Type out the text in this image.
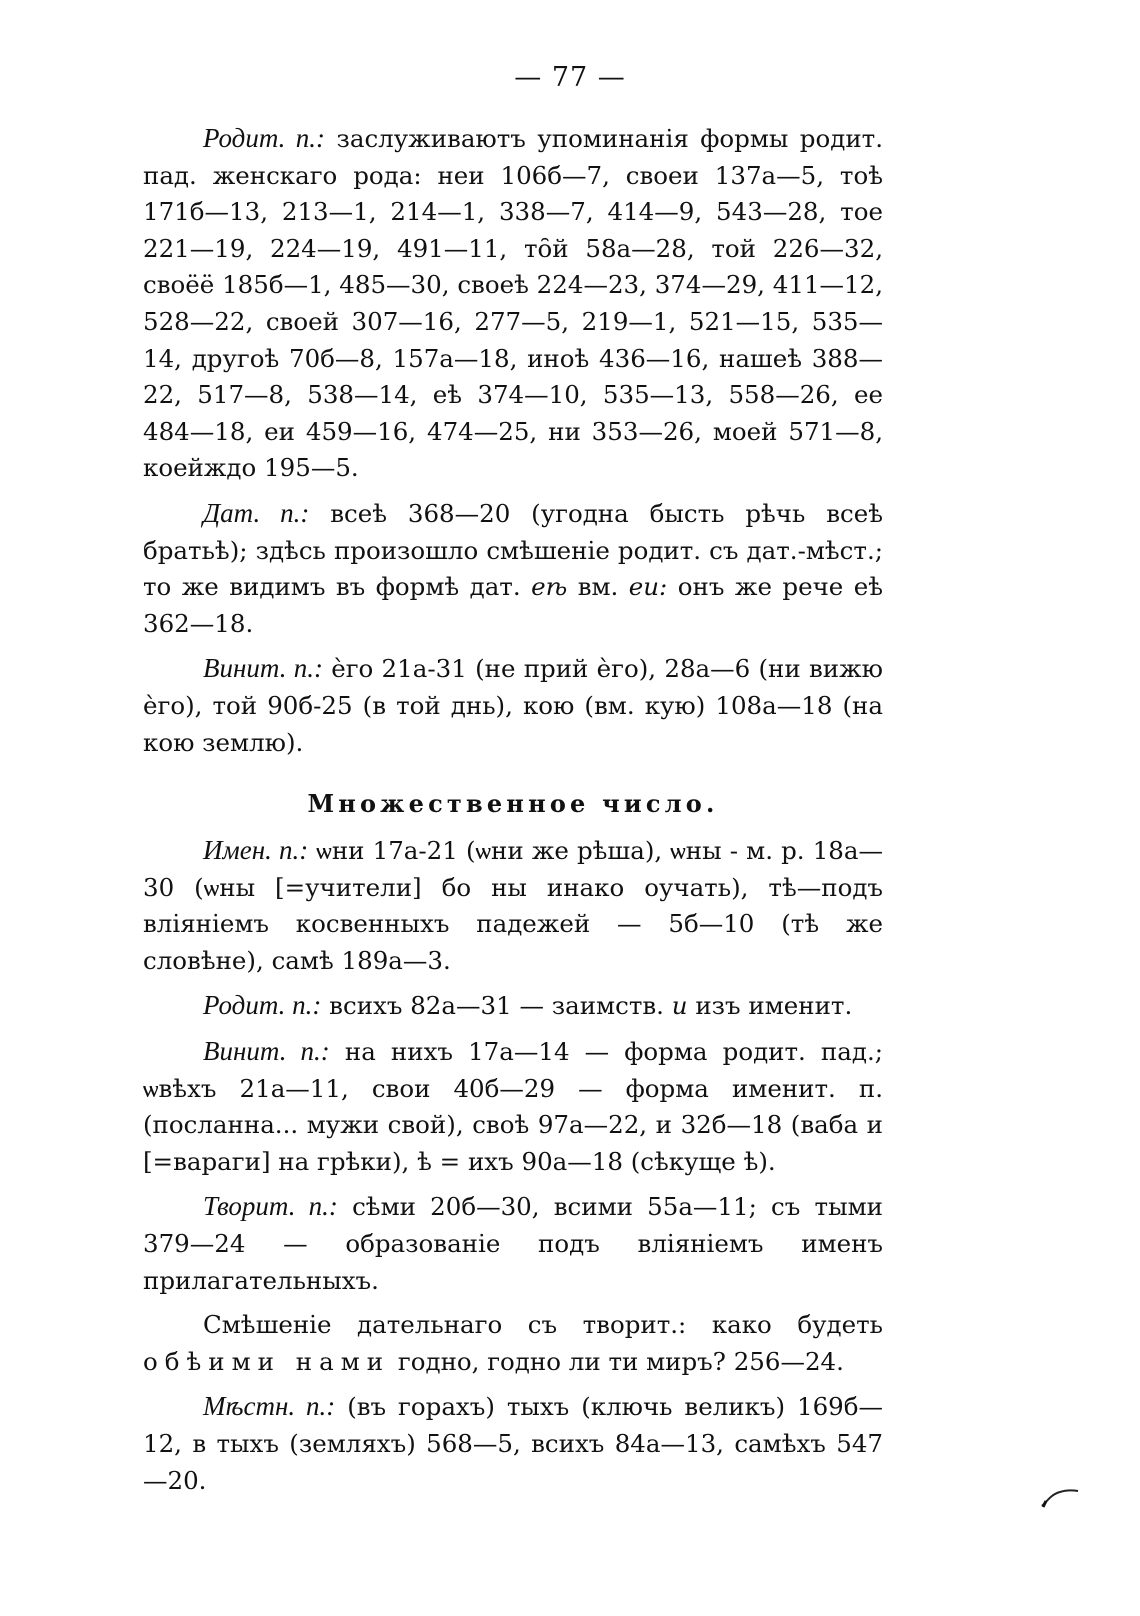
— 77 —

Родит. п.: заслуживаютъ упоминанія формы родит. пад. женскаго рода: неи 106б—7, своеи 137а—5, тоѣ 171б—13, 213—1, 214—1, 338—7, 414—9, 543—28, тое 221—19, 224—19, 491—11, то̑й 58а—28, той 226—32, своёё 185б—1, 485—30, своеѣ 224—23, 374—29, 411—12, 528—22, своей 307—16, 277—5, 219—1, 521—15, 535—14, другоѣ 70б—8, 157а—18, иноѣ 436—16, нашеѣ 388—22, 517—8, 538—14, еѣ 374—10, 535—13, 558—26, ее 484—18, еи 459—16, 474—25, ни 353—26, моей 571—8, коейждо 195—5.

Дат. п.: всеѣ 368—20 (угодна бысть рѣчь всеѣ братьѣ); здѣсь произошло смѣшеніе родит. съ дат.-мѣст.; то же видимъ въ формѣ дат. еѣ вм. еи: онъ же рече еѣ 362—18.

Винит. п.: ѐго 21а-31 (не прий ѐго), 28а—6 (ни вижю ѐго), той 90б-25 (в той днь), кою (вм. кую) 108а—18 (на кою землю).

Множественное число.

Имен. п.: ѡни 17а-21 (ѡни же рѣша), ѡны - м. р. 18а—30 (ѡны [=учители] бо ны инако оучать), тѣ—подъ вліяніемъ косвенныхъ падежей — 5б—10 (тѣ же словѣне), самѣ 189а—3.

Родит. п.: всихъ 82а—31 — заимств. и изъ именит.

Винит. п.: на нихъ 17а—14 — форма родит. пад.; ѡвѣхъ 21а—11, свои 40б—29 — форма именит. п. (посланна... мужи свой), своѣ 97а—22, и 32б—18 (ваба и [=вараги] на грѣки), ѣ = ихъ 90а—18 (сѣкуще ѣ).

Творит. п.: сѣми 20б—30, всими 55а—11; съ тыми 379—24 — образованіе подъ вліяніемъ именъ прилагательныхъ.

Смѣшеніе дательнаго съ творит.: како будеть обѣими нами годно, годно ли ти миръ? 256—24.

Мѣстн. п.: (въ горахъ) тыхъ (ключь великъ) 169б—12, в тыхъ (земляхъ) 568—5, всихъ 84а—13, самѣхъ 547—20.
